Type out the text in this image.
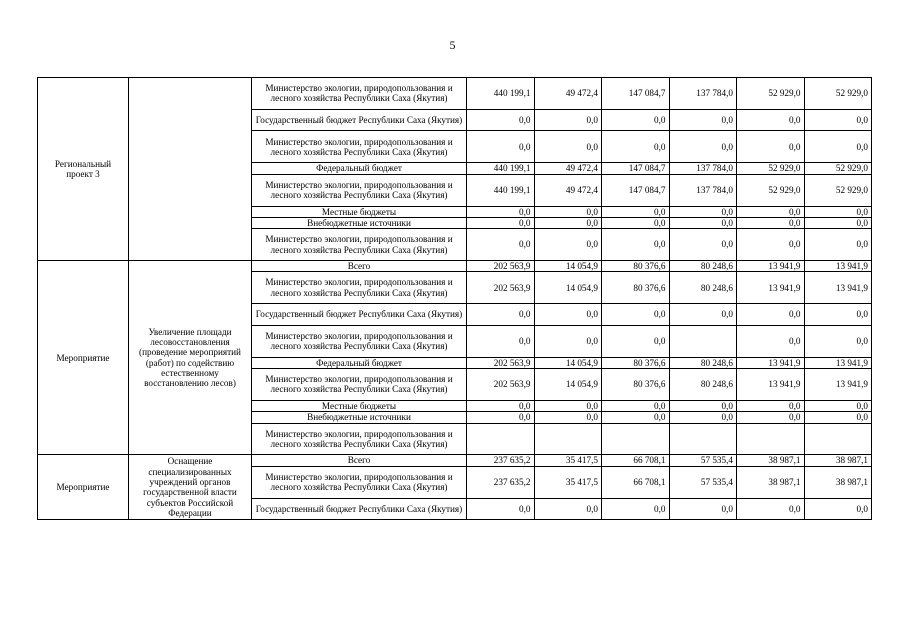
5
Региональный проект 3		Министерство экологии, природопользования и лесного хозяйства Республики Саха (Якутия)	440 199,1	49 472,4	147 084,7	137 784,0	52 929,0	52 929,0
		Государственный бюджет Республики Саха (Якутия)	0,0	0,0	0,0	0,0	0,0	0,0
		Министерство экологии, природопользования и лесного хозяйства Республики Саха (Якутия)	0,0	0,0	0,0	0,0	0,0	0,0
		Федеральный бюджет	440 199,1	49 472,4	147 084,7	137 784,0	52 929,0	52 929,0
		Министерство экологии, природопользования и лесного хозяйства Республики Саха (Якутия)	440 199,1	49 472,4	147 084,7	137 784,0	52 929,0	52 929,0
		Местные бюджеты	0,0	0,0	0,0	0,0	0,0	0,0
		Внебюджетные источники	0,0	0,0	0,0	0,0	0,0	0,0
		Министерство экологии, природопользования и лесного хозяйства Республики Саха (Якутия)	0,0	0,0	0,0	0,0	0,0	0,0
Мероприятие	Увеличение площади лесовосстановления (проведение мероприятий (работ) по содействию естественному восстановлению лесов)	Всего	202 563,9	14 054,9	80 376,6	80 248,6	13 941,9	13 941,9
		Министерство экологии, природопользования и лесного хозяйства Республики Саха (Якутия)	202 563,9	14 054,9	80 376,6	80 248,6	13 941,9	13 941,9
		Государственный бюджет Республики Саха (Якутия)	0,0	0,0	0,0	0,0	0,0	0,0
		Министерство экологии, природопользования и лесного хозяйства Республики Саха (Якутия)	0,0	0,0	0,0		0,0	0,0
		Федеральный бюджет	202 563,9	14 054,9	80 376,6	80 248,6	13 941,9	13 941,9
		Министерство экологии, природопользования и лесного хозяйства Республики Саха (Якутия)	202 563,9	14 054,9	80 376,6	80 248,6	13 941,9	13 941,9
		Местные бюджеты	0,0	0,0	0,0	0,0	0,0	0,0
		Внебюджетные источники	0,0	0,0	0,0	0,0	0,0	0,0
		Министерство экологии, природопользования и лесного хозяйства Республики Саха (Якутия)						
Мероприятие	Оснащение специализированных учреждений органов государственной власти субъектов Российской Федерации	Всего	237 635,2	35 417,5	66 708,1	57 535,4	38 987,1	38 987,1
		Министерство экологии, природопользования и лесного хозяйства Республики Саха (Якутия)	237 635,2	35 417,5	66 708,1	57 535,4	38 987,1	38 987,1
		Государственный бюджет Республики Саха (Якутия)	0,0	0,0	0,0	0,0	0,0	0,0
